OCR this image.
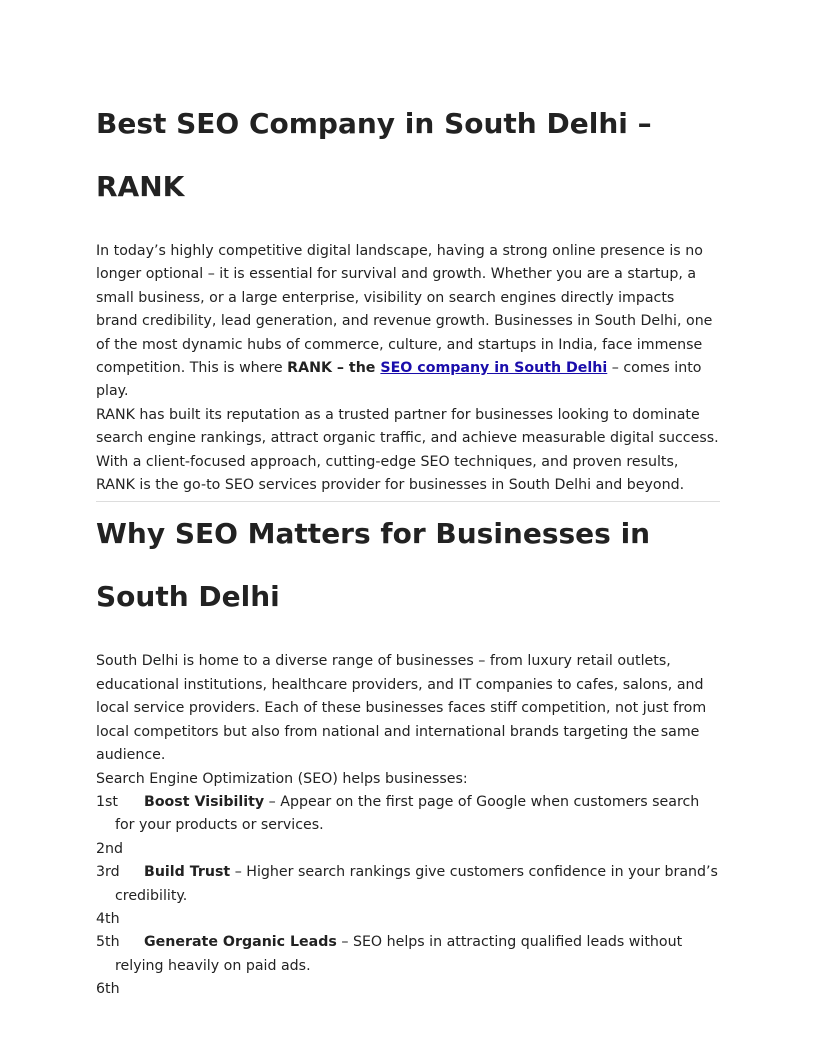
Best SEO Company in South Delhi – RANK

In today’s highly competitive digital landscape, having a strong online presence is no longer optional – it is essential for survival and growth. Whether you are a startup, a small business, or a large enterprise, visibility on search engines directly impacts brand credibility, lead generation, and revenue growth. Businesses in South Delhi, one of the most dynamic hubs of commerce, culture, and startups in India, face immense competition. This is where RANK – the SEO company in South Delhi – comes into play.

RANK has built its reputation as a trusted partner for businesses looking to dominate search engine rankings, attract organic traffic, and achieve measurable digital success. With a client-focused approach, cutting-edge SEO techniques, and proven results, RANK is the go-to SEO services provider for businesses in South Delhi and beyond.

Why SEO Matters for Businesses in South Delhi

South Delhi is home to a diverse range of businesses – from luxury retail outlets, educational institutions, healthcare providers, and IT companies to cafes, salons, and local service providers. Each of these businesses faces stiff competition, not just from local competitors but also from national and international brands targeting the same audience.

Search Engine Optimization (SEO) helps businesses:

1st Boost Visibility – Appear on the first page of Google when customers search for your products or services.
2nd
3rd Build Trust – Higher search rankings give customers confidence in your brand’s credibility.
4th
5th Generate Organic Leads – SEO helps in attracting qualified leads without relying heavily on paid ads.
6th
